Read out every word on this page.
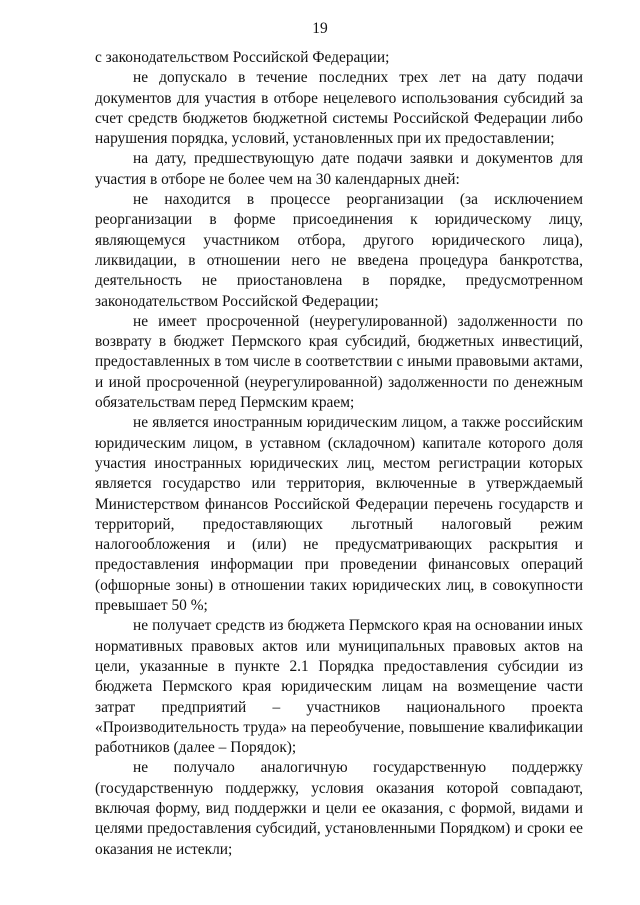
19

с законодательством Российской Федерации;

не допускало в течение последних трех лет на дату подачи документов для участия в отборе нецелевого использования субсидий за счет средств бюджетов бюджетной системы Российской Федерации либо нарушения порядка, условий, установленных при их предоставлении;

на дату, предшествующую дате подачи заявки и документов для участия в отборе не более чем на 30 календарных дней:

не находится в процессе реорганизации (за исключением реорганизации в форме присоединения к юридическому лицу, являющемуся участником отбора, другого юридического лица), ликвидации, в отношении него не введена процедура банкротства, деятельность не приостановлена в порядке, предусмотренном законодательством Российской Федерации;

не имеет просроченной (неурегулированной) задолженности по возврату в бюджет Пермского края субсидий, бюджетных инвестиций, предоставленных в том числе в соответствии с иными правовыми актами, и иной просроченной (неурегулированной) задолженности по денежным обязательствам перед Пермским краем;

не является иностранным юридическим лицом, а также российским юридическим лицом, в уставном (складочном) капитале которого доля участия иностранных юридических лиц, местом регистрации которых является государство или территория, включенные в утверждаемый Министерством финансов Российской Федерации перечень государств и территорий, предоставляющих льготный налоговый режим налогообложения и (или) не предусматривающих раскрытия и предоставления информации при проведении финансовых операций (офшорные зоны) в отношении таких юридических лиц, в совокупности превышает 50 %;

не получает средств из бюджета Пермского края на основании иных нормативных правовых актов или муниципальных правовых актов на цели, указанные в пункте 2.1 Порядка предоставления субсидии из бюджета Пермского края юридическим лицам на возмещение части затрат предприятий – участников национального проекта «Производительность труда» на переобучение, повышение квалификации работников (далее – Порядок);

не получало аналогичную государственную поддержку (государственную поддержку, условия оказания которой совпадают, включая форму, вид поддержки и цели ее оказания, с формой, видами и целями предоставления субсидий, установленными Порядком) и сроки ее оказания не истекли;
